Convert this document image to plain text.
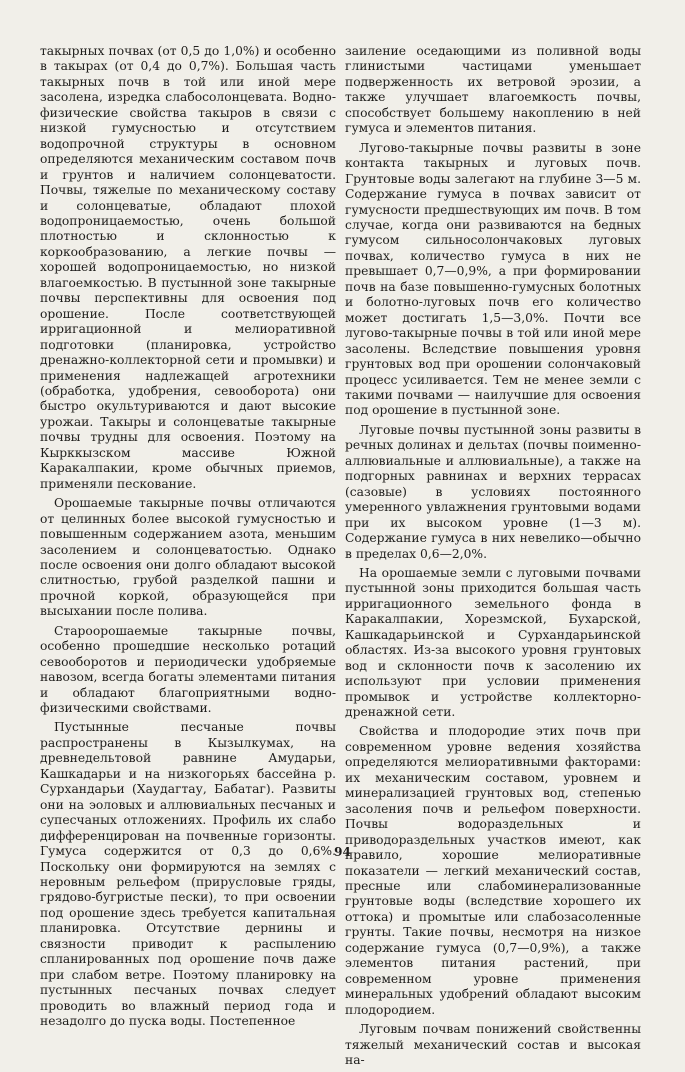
такырных почвах (от 0,5 до 1,0%) и особенно в такырах (от 0,4 до 0,7%). Большая часть такырных почв в той или иной мере засолена, изредка слабосолонцевата. Водно-физические свойства такыров в связи с низкой гумусностью и отсутствием водопрочной структуры в основном определяются механическим составом почв и грунтов и наличием солонцеватости. Почвы, тяжелые по механическому составу и солонцеватые, обладают плохой водопроницаемостью, очень большой плотностью и склонностью к коркообразованию, а легкие почвы — хорошей водопроницаемостью, но низкой влагоемкостью. В пустынной зоне такырные почвы перспективны для освоения под орошение. После соответствующей ирригационной и мелиоративной подготовки (планировка, устройство дренажно-коллекторной сети и промывки) и применения надлежащей агротехники (обработка, удобрения, севооборота) они быстро окультуриваются и дают высокие урожаи. Такыры и солонцеватые такырные почвы трудны для освоения. Поэтому на Кырккызском массиве Южной Каракалпакии, кроме обычных приемов, применяли пескование.

Орошаемые такырные почвы отличаются от целинных более высокой гумусностью и повышенным содержанием азота, меньшим засолением и солонцеватостью. Однако после освоения они долго обладают высокой слитностью, грубой разделкой пашни и прочной коркой, образующейся при высыхании после полива.

Староорошаемые такырные почвы, особенно прошедшие несколько ротаций севооборотов и периодически удобряемые навозом, всегда богаты элементами питания и обладают благоприятными водно-физическими свойствами.

Пустынные песчаные почвы распространены в Кызылкумах, на древнедельтовой равнине Амударьи, Кашкадарьи и на низкогорьях бассейна р. Сурхандарьи (Хаудагтау, Бабатаг). Развиты они на эоловых и аллювиальных песчаных и супесчаных отложениях. Профиль их слабо дифференцирован на почвенные горизонты. Гумуса содержится от 0,3 до 0,6%. Поскольку они формируются на землях с неровным рельефом (прирусловые гряды, грядово-бугристые пески), то при освоении под орошение здесь требуется капитальная планировка. Отсутствие дернины и связности приводит к распылению спланированных под орошение почв даже при слабом ветре. Поэтому планировку на пустынных песчаных почвах следует проводить во влажный период года и незадолго до пуска воды. Постепенное

заиление оседающими из поливной воды глинистыми частицами уменьшает подверженность их ветровой эрозии, а также улучшает влагоемкость почвы, способствует большему накоплению в ней гумуса и элементов питания.

Лугово-такырные почвы развиты в зоне контакта такырных и луговых почв. Грунтовые воды залегают на глубине 3—5 м. Содержание гумуса в почвах зависит от гумусности предшествующих им почв. В том случае, когда они развиваются на бедных гумусом сильносолончаковых луговых почвах, количество гумуса в них не превышает 0,7—0,9%, а при формировании почв на базе повышенно-гумусных болотных и болотно-луговых почв его количество может достигать 1,5—3,0%. Почти все лугово-такырные почвы в той или иной мере засолены. Вследствие повышения уровня грунтовых вод при орошении солончаковый процесс усиливается. Тем не менее земли с такими почвами — наилучшие для освоения под орошение в пустынной зоне.

Луговые почвы пустынной зоны развиты в речных долинах и дельтах (почвы поименно-аллювиальные и аллювиальные), а также на подгорных равнинах и верхних террасах (сазовые) в условиях постоянного умеренного увлажнения грунтовыми водами при их высоком уровне (1—3 м). Содержание гумуса в них невелико—обычно в пределах 0,6—2,0%.

На орошаемые земли с луговыми почвами пустынной зоны приходится большая часть ирригационного земельного фонда в Каракалпакии, Хорезмской, Бухарской, Кашкадарьинской и Сурхандарьинской областях. Из-за высокого уровня грунтовых вод и склонности почв к засолению их используют при условии применения промывок и устройстве коллекторно-дренажной сети.

Свойства и плодородие этих почв при современном уровне ведения хозяйства определяются мелиоративными факторами: их механическим составом, уровнем и минерализацией грунтовых вод, степенью засоления почв и рельефом поверхности. Почвы водораздельных и приводораздельных участков имеют, как правило, хорошие мелиоративные показатели — легкий механический состав, пресные или слабоминерализованные грунтовые воды (вследствие хорошего их оттока) и промытые или слабозасоленные грунты. Такие почвы, несмотря на низкое содержание гумуса (0,7—0,9%), а также элементов питания растений, при современном уровне применения минеральных удобрений обладают высоким плодородием.

Луговым почвам понижений свойственны тяжелый механический состав и высокая на-

94
